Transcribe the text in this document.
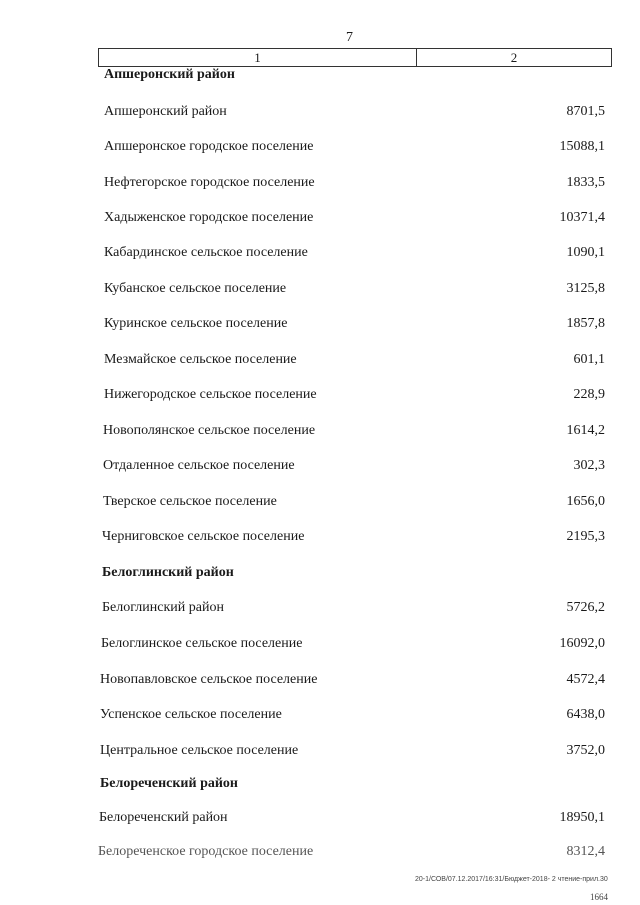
7
1	2
Апшеронский район
Апшеронский район	8701,5
Апшеронское городское поселение	15088,1
Нефтегорское городское поселение	1833,5
Хадыженское городское поселение	10371,4
Кабардинское сельское поселение	1090,1
Кубанское сельское поселение	3125,8
Куринское сельское поселение	1857,8
Мезмайское сельское поселение	601,1
Нижегородское сельское поселение	228,9
Новополянское сельское поселение	1614,2
Отдаленное сельское поселение	302,3
Тверское сельское поселение	1656,0
Черниговское сельское поселение	2195,3
Белоглинский район
Белоглинский район	5726,2
Белоглинское сельское поселение	16092,0
Новопавловское сельское поселение	4572,4
Успенское сельское поселение	6438,0
Центральное сельское поселение	3752,0
Белореченский район
Белореченский район	18950,1
Белореченское городское поселение	8312,4
20-1/СОВ/07.12.2017/16:31/Бюджет-2018- 2 чтение-прил.30
1664
